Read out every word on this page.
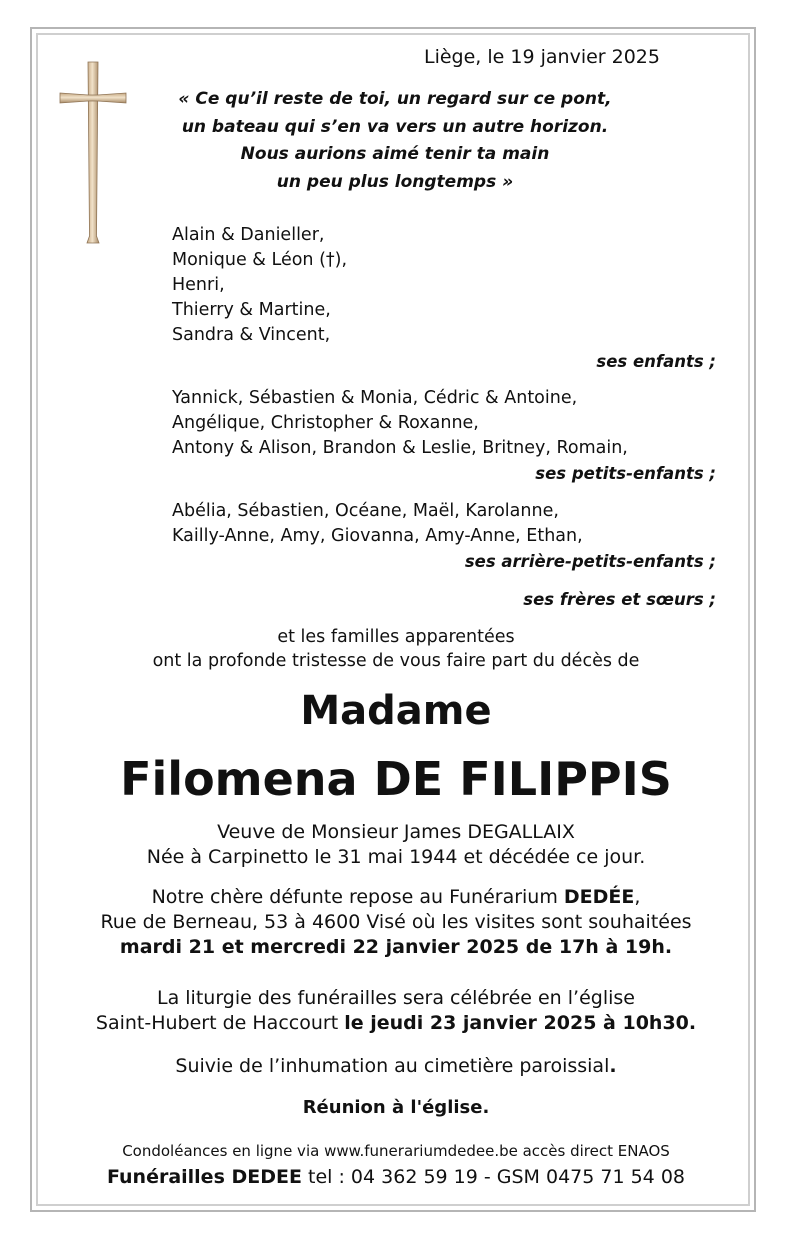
Liège, le 19 janvier 2025
« Ce qu’il reste de toi, un regard sur ce pont,
un bateau qui s’en va vers un autre horizon.
Nous aurions aimé tenir ta main
un peu plus longtemps »
Alain & Danieller,
Monique & Léon (†),
Henri,
Thierry & Martine,
Sandra & Vincent,
ses enfants ;
Yannick, Sébastien & Monia, Cédric & Antoine,
Angélique, Christopher & Roxanne,
Antony & Alison, Brandon & Leslie, Britney, Romain,
ses petits-enfants ;
Abélia, Sébastien, Océane, Maël, Karolanne,
Kailly-Anne, Amy, Giovanna, Amy-Anne, Ethan,
ses arrière-petits-enfants ;
ses frères et sœurs ;
et les familles apparentées
ont la profonde tristesse de vous faire part du décès de
Madame
Filomena DE FILIPPIS
Veuve de Monsieur James DEGALLAIX
Née à Carpinetto le 31 mai 1944 et décédée ce jour.
Notre chère défunte repose au Funérarium DEDÉE,
Rue de Berneau, 53 à 4600 Visé où les visites sont souhaitées
mardi 21 et mercredi 22 janvier 2025 de 17h à 19h.
La liturgie des funérailles sera célébrée en l’église
Saint-Hubert de Haccourt le jeudi 23 janvier 2025 à 10h30.
Suivie de l’inhumation au cimetière paroissial.
Réunion à l'église.
Condoléances en ligne via www.funerariumdedee.be accès direct ENAOS
Funérailles DEDEE tel : 04 362 59 19 - GSM 0475 71 54 08
